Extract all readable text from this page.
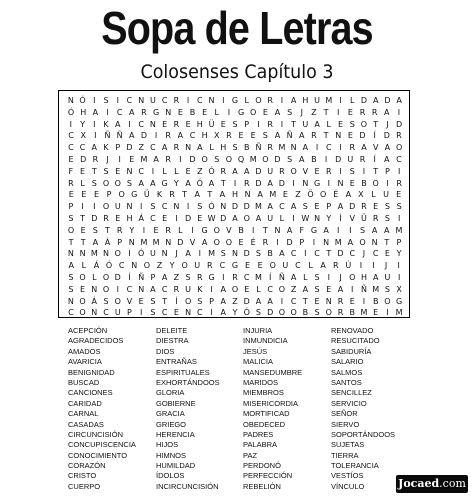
Sopa de Letras
Colosenses Capítulo 3
N Ó I	S	I C N U C R I C N I G L O R I A H U M I	L D A D A
Ó H A	I	C A R G N E B E L	I G O E A S	J	Z T	I	E R R A	I
I	Y	I K A I C N E R E H Ü E S P	I R I	T U A L E S O T	J D
C X	I Ñ Ñ A D I	R A C H X R E E S A Ñ A R T N E D Í D R
C C A K P D Z C A R N A L H S B Ñ R M N A I C I R A V A O
E D R	J	I	E M A R	I D O S O Q M O D S A B	I D U R	Í	A C
F E T S E N C I	L L E Z Ó R A A D U R O V E R I	S	I	T P	I
R L S O O S A A G Y A Ó A T	I R D A D I N G I N E B O I R
E E E P O G Ü K R T A T A H N A M E Z Ö O É A X L U E
P	I	I O U N I	S C N I	S Ó N D D M A C A S E P A D R E S S
S T D R E H Á C E	I D E W D A O A U L	I W N Y	Í V Ü R S	I
O E S T R Y	I	E R L	I G O V B	I	T N A F G A	I	I	S A A M
T T A Á P N M M N D V A O O E É R	I D P	I N M A O N T P
N N M N O I Ó U N J A I M S N D S B A C I C T D C J C E Y
A L Á Ó C N O Z Y O U R C G E E O U C L A R Ú	I	I	J	I
S O L O D Í Ñ P A Z S R G I R C M Í Ñ A L S	I	J O H A U I
S E N O I C N A C R U K I A O E L C O Z A S E A I Ñ M S X
N O Á S O V E S T	Í O S P A Z D A A I C T E N R E	I B O G
C O N C U P	I	S C E N C I A Y Ó S D O O B S O R B M E	I M
ACEPCIÓN
AGRADECIDOS
AMADOS
AVARICIA
BENIGNIDAD
BUSCAD
CANCIONES
CARIDAD
CARNAL
CASADAS
CIRCUNCISIÓN
CONCUPISCENCIA
CONOCIMIENTO
CORAZÓN
CRISTO
CUERPO
DELEITE
DIESTRA
DIOS
ENTRAÑAS
ESPIRITUALES
EXHORTÁNDOOS
GLORIA
GOBIERNE
GRACIA
GRIEGO
HERENCIA
HIJOS
HIMNOS
HUMILDAD
ÍDOLOS
INCIRCUNCISIÓN
INJURIA
INMUNDICIA
JESÚS
MALICIA
MANSEDUMBRE
MARIDOS
MIEMBROS
MISERICORDIA
MORTIFICAD
OBEDECED
PADRES
PALABRA
PAZ
PERDONÓ
PERFECCIÓN
REBELIÓN
RENOVADO
RESUCITADO
SABIDURÍA
SALARIO
SALMOS
SANTOS
SENCILLEZ
SERVICIO
SEÑOR
SIERVO
SOPORTÁNDOOS
SUJETAS
TIERRA
TOLERANCIA
VESTÍOS
VÍNCULO	Jocaed.com
